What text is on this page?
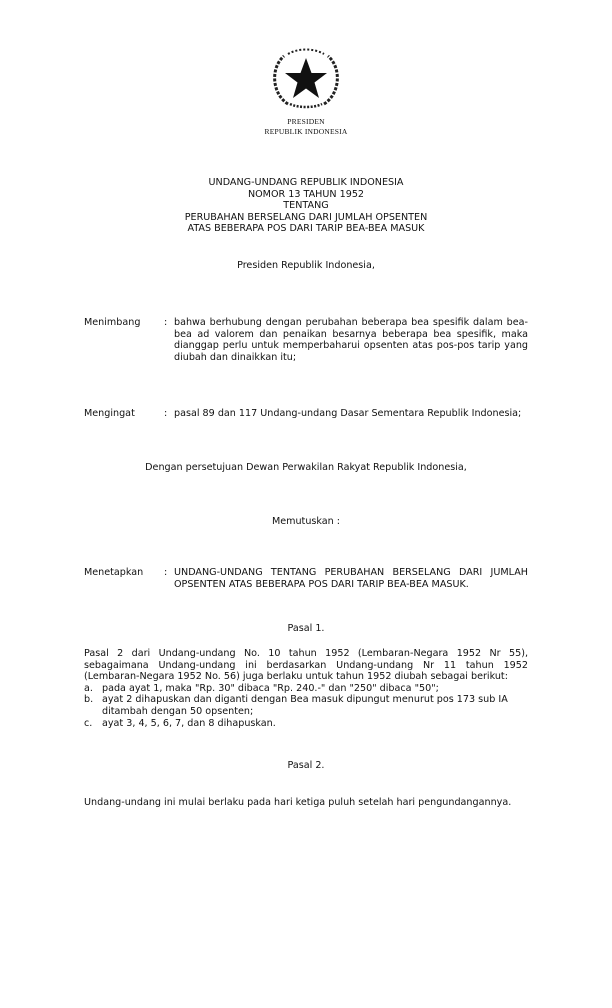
PRESIDEN
REPUBLIK INDONESIA
UNDANG-UNDANG REPUBLIK INDONESIA
NOMOR 13 TAHUN 1952
TENTANG
PERUBAHAN BERSELANG DARI JUMLAH OPSENTEN
ATAS BEBERAPA POS DARI TARIP BEA-BEA MASUK
Presiden Republik Indonesia,
Menimbang : bahwa berhubung dengan perubahan beberapa bea spesifik dalam bea-bea ad valorem dan penaikan besarnya beberapa bea spesifik, maka dianggap perlu untuk memperbaharui opsenten atas pos-pos tarip yang diubah dan dinaikkan itu;
Mengingat	: pasal 89 dan 117 Undang-undang Dasar Sementara Republik Indonesia;
Dengan persetujuan Dewan Perwakilan Rakyat Republik Indonesia,
Memutuskan :
Menetapkan : UNDANG-UNDANG TENTANG PERUBAHAN BERSELANG DARI JUMLAH OPSENTEN ATAS BEBERAPA POS DARI TARIP BEA-BEA MASUK.
Pasal 1.
Pasal 2 dari Undang-undang No. 10 tahun 1952 (Lembaran-Negara 1952 Nr 55), sebagaimana Undang-undang ini berdasarkan Undang-undang Nr 11 tahun 1952 (Lembaran-Negara 1952 No. 56) juga berlaku untuk tahun 1952 diubah sebagai berikut:
a. pada ayat 1, maka "Rp. 30" dibaca "Rp. 240.-" dan "250" dibaca "50";
b. ayat 2 dihapuskan dan diganti dengan Bea masuk dipungut menurut pos 173 sub IA ditambah dengan 50 opsenten;
c. ayat 3, 4, 5, 6, 7, dan 8 dihapuskan.
Pasal 2.
Undang-undang ini mulai berlaku pada hari ketiga puluh setelah hari pengundangannya.
